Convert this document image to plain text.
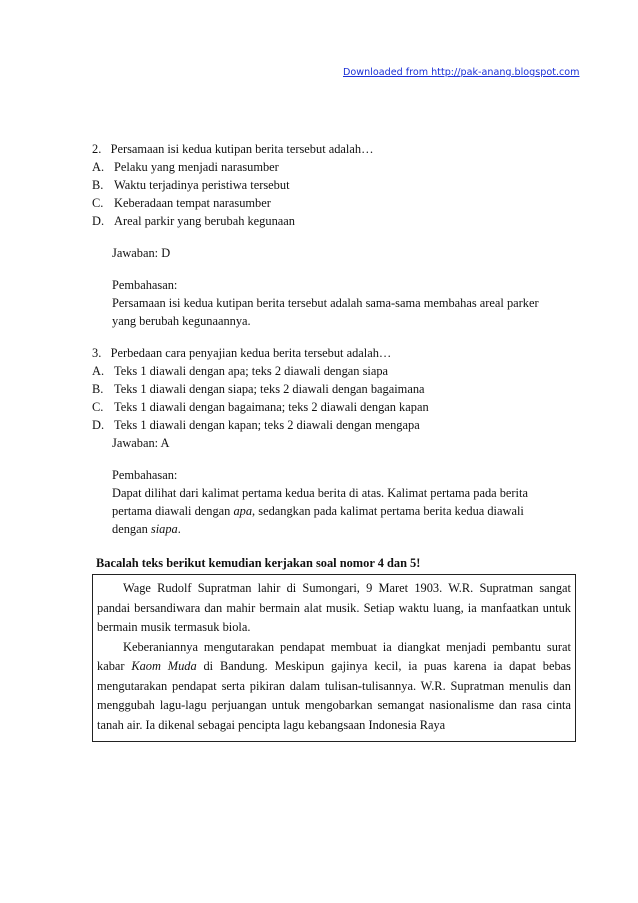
Downloaded from http://pak-anang.blogspot.com
2. Persamaan isi kedua kutipan berita tersebut adalah…
A. Pelaku yang menjadi narasumber
B. Waktu terjadinya peristiwa tersebut
C. Keberadaan tempat narasumber
D. Areal parkir yang berubah kegunaan
Jawaban: D
Pembahasan:
Persamaan isi kedua kutipan berita tersebut adalah sama-sama membahas areal parker
yang berubah kegunaannya.
3. Perbedaan cara penyajian kedua berita tersebut adalah…
A. Teks 1 diawali dengan apa; teks 2 diawali dengan siapa
B. Teks 1 diawali dengan siapa; teks 2 diawali dengan bagaimana
C. Teks 1 diawali dengan bagaimana; teks 2 diawali dengan kapan
D. Teks 1 diawali dengan kapan; teks 2 diawali dengan mengapa
Jawaban: A
Pembahasan:
Dapat dilihat dari kalimat pertama kedua berita di atas. Kalimat pertama pada berita
pertama diawali dengan apa, sedangkan pada kalimat pertama berita kedua diawali
dengan siapa.
Bacalah teks berikut kemudian kerjakan soal nomor 4 dan 5!

Wage Rudolf Supratman lahir di Sumongari, 9 Maret 1903. W.R. Supratman sangat pandai bersandiwara dan mahir bermain alat musik. Setiap waktu luang, ia manfaatkan untuk bermain musik termasuk biola.

Keberaniannya mengutarakan pendapat membuat ia diangkat menjadi pembantu surat kabar Kaom Muda di Bandung. Meskipun gajinya kecil, ia puas karena ia dapat bebas mengutarakan pendapat serta pikiran dalam tulisan-tulisannya. W.R. Supratman menulis dan menggubah lagu-lagu perjuangan untuk mengobarkan semangat nasionalisme dan rasa cinta tanah air. Ia dikenal sebagai pencipta lagu kebangsaan Indonesia Raya
